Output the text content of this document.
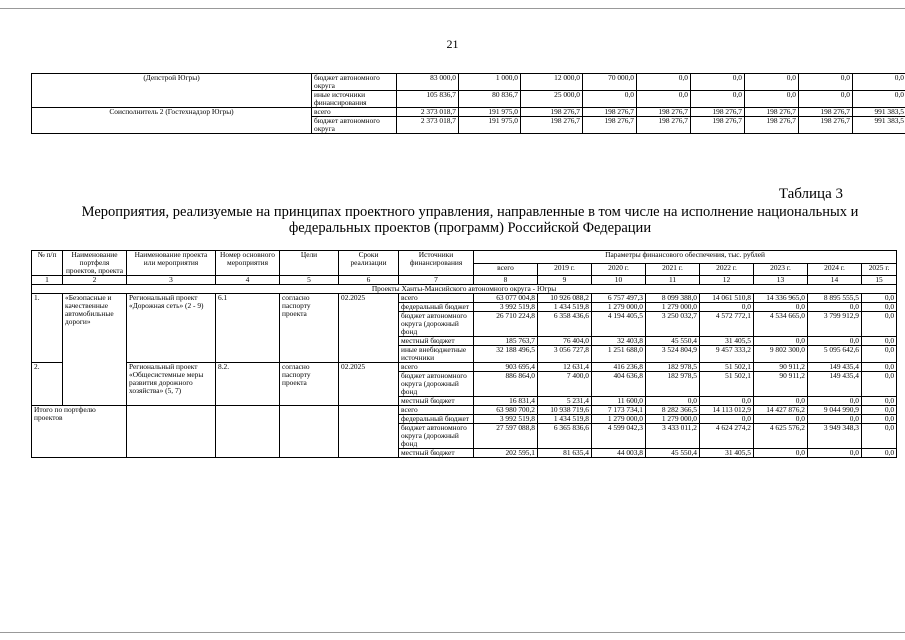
21
(Депстрой Югры)	бюджет автономного округа	83 000,0	1 000,0	12 000,0	70 000,0	0,0	0,0	0,0	0,0	0,0
	иные источники финансирования	105 836,7	80 836,7	25 000,0	0,0	0,0	0,0	0,0	0,0	0,0
Соисполнитель 2 (Гостехнадзор Югры)	всего	2 373 018,7	191 975,0	198 276,7	198 276,7	198 276,7	198 276,7	198 276,7	198 276,7	991 383,5
	бюджет автономного округа	2 373 018,7	191 975,0	198 276,7	198 276,7	198 276,7	198 276,7	198 276,7	198 276,7	991 383,5
Таблица 3
Мероприятия, реализуемые на принципах проектного управления, направленные в том числе на исполнение национальных и федеральных проектов (программ) Российской Федерации
№ п/п	Наименование портфеля проектов, проекта	Наименование проекта или мероприятия	Номер основного мероприятия	Цели	Сроки реализации	Источники финансирования	Параметры финансового обеспечения, тыс. рублей							
							всего	2019 г.	2020 г.	2021 г.	2022 г.	2023 г.	2024 г.	2025 г.
1	2	3	4	5	6	7	8	9	10	11	12	13	14	15
Проекты Ханты-Мансийского автономного округа - Югры														
1.	«Безопасные и качественные автомобильные дороги»	Региональный проект «Дорожная сеть» (2 - 9)	6.1	согласно паспорту проекта	02.2025	всего	63 077 004,8	10 926 088,2	6 757 497,3	8 099 388,0	14 061 510,8	14 336 965,0	8 895 555,5	0,0
						федеральный бюджет	3 992 519,8	1 434 519,8	1 279 000,0	1 279 000,0	0,0	0,0	0,0	0,0
						бюджет автономного округа (дорожный фонд	26 710 224,8	6 358 436,6	4 194 405,5	3 250 032,7	4 572 772,1	4 534 665,0	3 799 912,9	0,0
						местный бюджет	185 763,7	76 404,0	32 403,8	45 550,4	31 405,5	0,0	0,0	0,0
						иные внебюджетные источники	32 188 496,5	3 056 727,8	1 251 688,0	3 524 804,9	9 457 333,2	9 802 300,0	5 095 642,6	0,0
2.		Региональный проект «Общесистемные меры развития дорожного хозяйства» (5, 7)	8.2.	согласно паспорту проекта	02.2025	всего	903 695,4	12 631,4	416 236,8	182 978,5	51 502,1	90 911,2	149 435,4	0,0
						бюджет автономного округа (дорожный фонд	886 864,0	7 400,0	404 636,8	182 978,5	51 502,1	90 911,2	149 435,4	0,0
						местный бюджет	16 831,4	5 231,4	11 600,0	0,0	0,0	0,0	0,0	0,0
Итого по портфелю проектов						всего	63 980 700,2	10 938 719,6	7 173 734,1	8 282 366,5	14 113 012,9	14 427 876,2	9 044 990,9	0,0
						федеральный бюджет	3 992 519,8	1 434 519,8	1 279 000,0	1 279 000,0	0,0	0,0	0,0	0,0
						бюджет автономного округа (дорожный фонд	27 597 088,8	6 365 836,6	4 599 042,3	3 433 011,2	4 624 274,2	4 625 576,2	3 949 348,3	0,0
						местный бюджет	202 595,1	81 635,4	44 003,8	45 550,4	31 405,5	0,0	0,0	0,0
